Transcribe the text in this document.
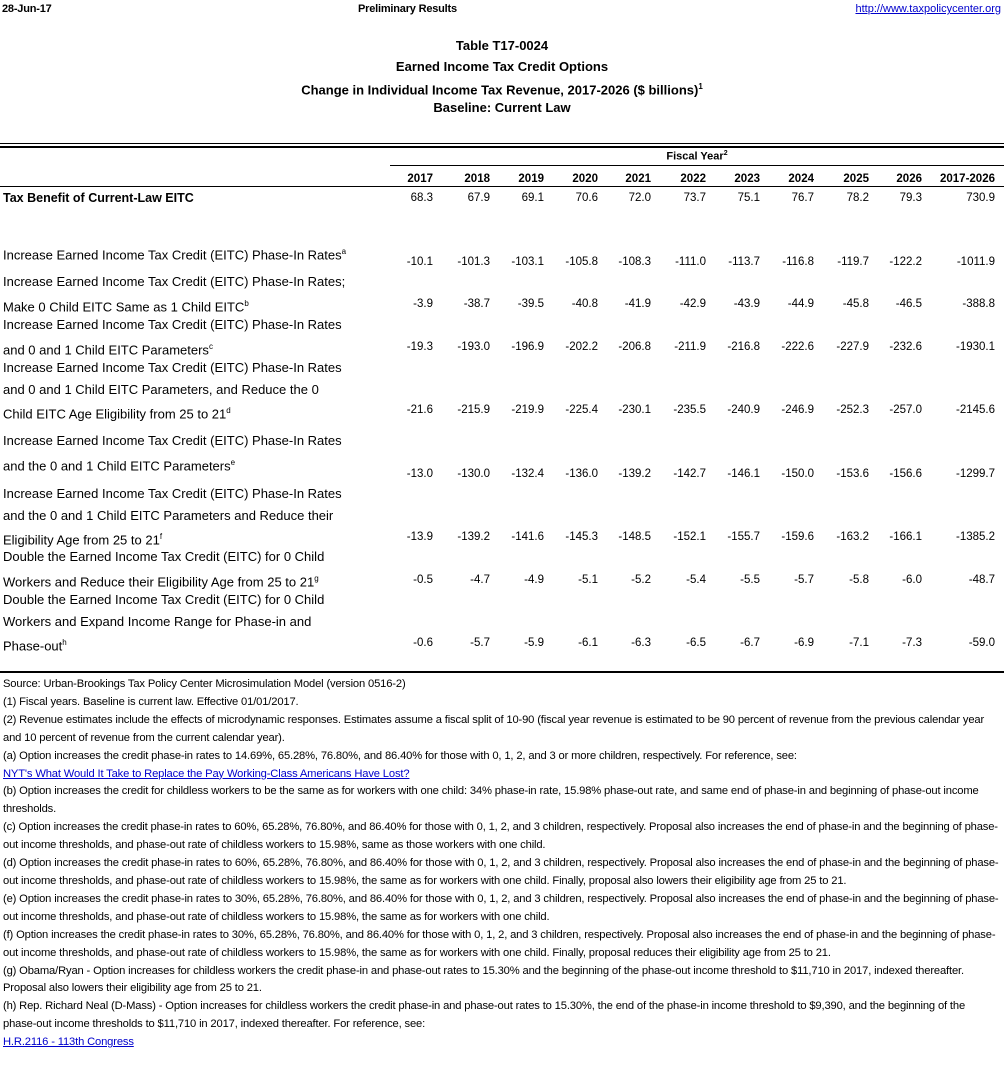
28-Jun-17	Preliminary Results	http://www.taxpolicycenter.org
Table T17-0024
Earned Income Tax Credit Options
Change in Individual Income Tax Revenue, 2017-2026 ($ billions)$^1$
Baseline: Current Law
Fiscal Year$^2$
2017	2018 2019 2020 2021	2022 2023 2024	2025 2026 2017-2026
Tax Benefit of Current-Law EITC	68.3	67.9	69.1	70.6	72.0	73.7	75.1	76.7	78.2	79.3	730.9
Increase Earned Income Tax Credit (EITC) Phase-In Rates$^a$
-10.1 -101.3 -103.1 -105.8 -108.3 -111.0 -113.7 -116.8 -119.7 -122.2	-1011.9
Increase Earned Income Tax Credit (EITC) Phase-In Rates;
Make 0 Child EITC Same as 1 Child EITC$^b$	-3.9	-38.7 -39.5 -40.8 -41.9	-42.9 -43.9 -44.9	-45.8 -46.5	-388.8
Increase Earned Income Tax Credit (EITC) Phase-In Rates
and 0 and 1 Child EITC Parameters$^c$	-19.3 -193.0 -196.9 -202.2 -206.8 -211.9 -216.8 -222.6 -227.9 -232.6	-1930.1
Increase Earned Income Tax Credit (EITC) Phase-In Rates
and 0 and 1 Child EITC Parameters, and Reduce the 0
Child EITC Age Eligibility from 25 to 21$^d$	-21.6 -215.9 -219.9 -225.4 -230.1 -235.5 -240.9 -246.9 -252.3 -257.0	-2145.6
Increase Earned Income Tax Credit (EITC) Phase-In Rates
and the 0 and 1 Child EITC Parameters$^e$
-13.0 -130.0 -132.4 -136.0 -139.2 -142.7 -146.1 -150.0 -153.6 -156.6	-1299.7
Increase Earned Income Tax Credit (EITC) Phase-In Rates
and the 0 and 1 Child EITC Parameters and Reduce their
Eligibility Age from 25 to 21$^f$	-13.9 -139.2 -141.6 -145.3 -148.5 -152.1 -155.7 -159.6 -163.2 -166.1	-1385.2
Double the Earned Income Tax Credit (EITC) for 0 Child
Workers and Reduce their Eligibility Age from 25 to 21$^g$	-0.5	-4.7	-4.9	-5.1	-5.2	-5.4	-5.5	-5.7	-5.8	-6.0	-48.7
Double the Earned Income Tax Credit (EITC) for 0 Child
Workers and Expand Income Range for Phase-in and
Phase-out$^h$	-0.6	-5.7	-5.9	-6.1	-6.3	-6.5	-6.7	-6.9	-7.1	-7.3	-59.0

Source: Urban-Brookings Tax Policy Center Microsimulation Model (version 0516-2)

(1) Fiscal years. Baseline is current law. Effective 01/01/2017.

(2) Revenue estimates include the effects of microdynamic responses. Estimates assume a fiscal split of 10-90 (fiscal year revenue is estimated to be 90 percent of revenue from the previous calendar year and 10 percent of revenue from the current calendar year).

(a) Option increases the credit phase-in rates to 14.69%, 65.28%, 76.80%, and 86.40% for those with 0, 1, 2, and 3 or more children, respectively. For reference, see:

NYT's What Would It Take to Replace the Pay Working-Class Americans Have Lost?

(b) Option increases the credit for childless workers to be the same as for workers with one child: 34% phase-in rate, 15.98% phase-out rate, and same end of phase-in and beginning of phase-out income thresholds.

(c) Option increases the credit phase-in rates to 60%, 65.28%, 76.80%, and 86.40% for those with 0, 1, 2, and 3 children, respectively. Proposal also increases the end of phase-in and the beginning of phase-out income thresholds, and phase-out rate of childless workers to 15.98%, same as those workers with one child.

(d) Option increases the credit phase-in rates to 60%, 65.28%, 76.80%, and 86.40% for those with 0, 1, 2, and 3 children, respectively. Proposal also increases the end of phase-in and the beginning of phase-out income thresholds, and phase-out rate of childless workers to 15.98%, the same as for workers with one child. Finally, proposal also lowers their eligibility age from 25 to 21.

(e) Option increases the credit phase-in rates to 30%, 65.28%, 76.80%, and 86.40% for those with 0, 1, 2, and 3 children, respectively. Proposal also increases the end of phase-in and the beginning of phase-out income thresholds, and phase-out rate of childless workers to 15.98%, the same as for workers with one child.

(f) Option increases the credit phase-in rates to 30%, 65.28%, 76.80%, and 86.40% for those with 0, 1, 2, and 3 children, respectively. Proposal also increases the end of phase-in and the beginning of phase-out income thresholds, and phase-out rate of childless workers to 15.98%, the same as for workers with one child. Finally, proposal reduces their eligibility age from 25 to 21.

(g) Obama/Ryan - Option increases for childless workers the credit phase-in and phase-out rates to 15.30% and the beginning of the phase-out income threshold to $11,710 in 2017, indexed thereafter. Proposal also lowers their eligibility age from 25 to 21.

(h) Rep. Richard Neal (D-Mass) - Option increases for childless workers the credit phase-in and phase-out rates to 15.30%, the end of the phase-in income threshold to $9,390, and the beginning of the phase-out income thresholds to $11,710 in 2017, indexed thereafter. For reference, see:

H.R.2116 - 113th Congress
